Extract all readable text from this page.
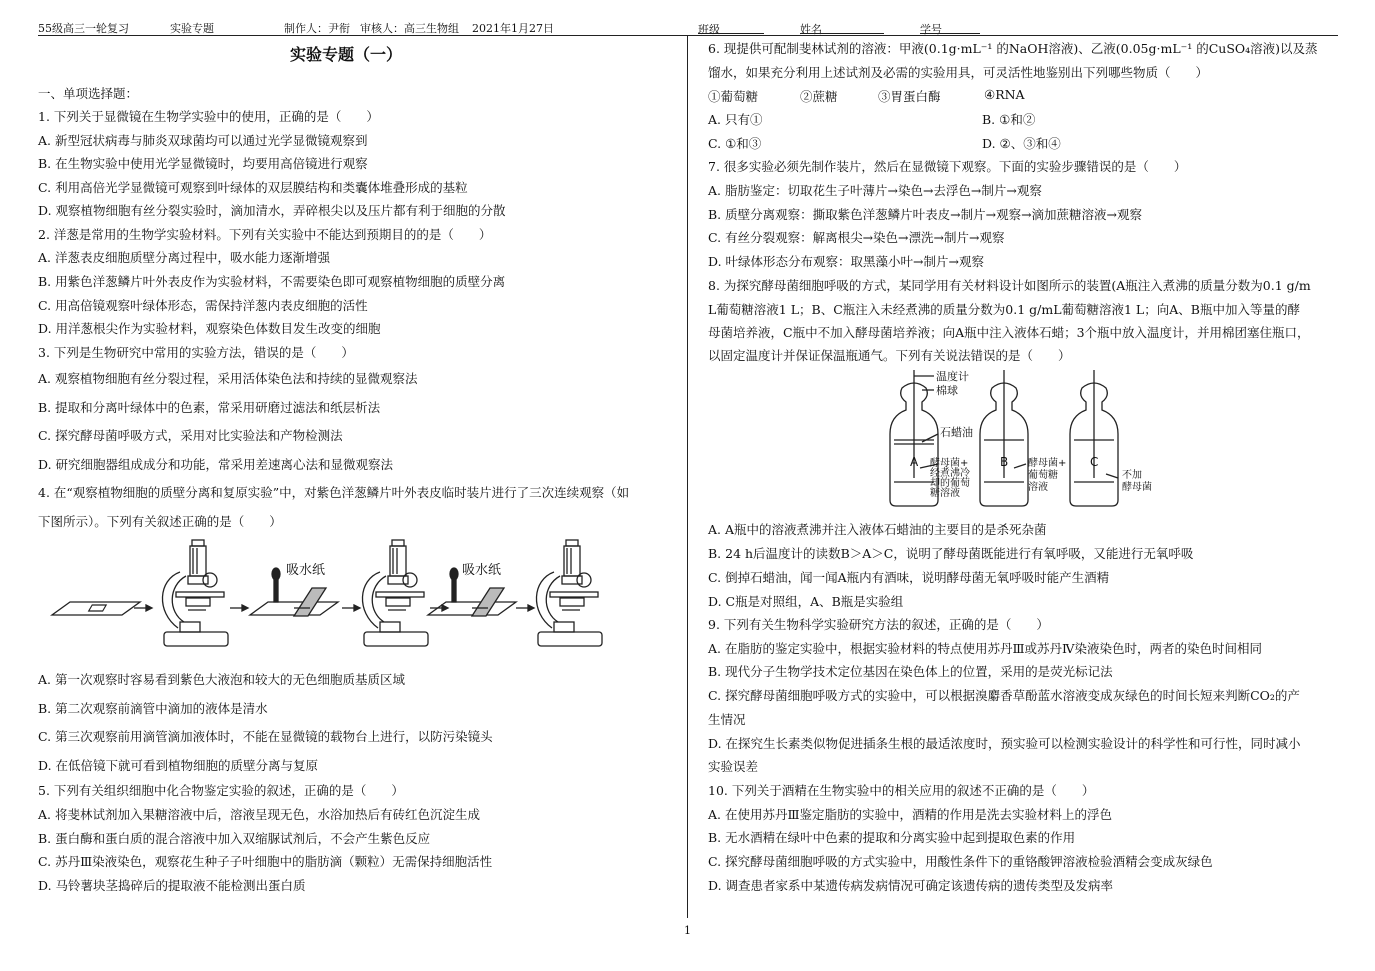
55级高三一轮复习	实验专题	制作人：尹衔 审核人：高三生物组 2021年1月27日	班级	姓名	学号

实验专题（一）

一、单项选择题：

1. 下列关于显微镜在生物学实验中的使用，正确的是（　　）

A. 新型冠状病毒与肺炎双球菌均可以通过光学显微镜观察到

B. 在生物实验中使用光学显微镜时，均要用高倍镜进行观察

C. 利用高倍光学显微镜可观察到叶绿体的双层膜结构和类囊体堆叠形成的基粒

D. 观察植物细胞有丝分裂实验时，滴加清水，弄碎根尖以及压片都有利于细胞的分散

2. 洋葱是常用的生物学实验材料。下列有关实验中不能达到预期目的的是（　　）

A. 洋葱表皮细胞质壁分离过程中，吸水能力逐渐增强

B. 用紫色洋葱鳞片叶外表皮作为实验材料，不需要染色即可观察植物细胞的质壁分离

C. 用高倍镜观察叶绿体形态，需保持洋葱内表皮细胞的活性

D. 用洋葱根尖作为实验材料，观察染色体数目发生改变的细胞

3. 下列是生物研究中常用的实验方法，错误的是（　　）

A. 观察植物细胞有丝分裂过程，采用活体染色法和持续的显微观察法

B. 提取和分离叶绿体中的色素，常采用研磨过滤法和纸层析法

C. 探究酵母菌呼吸方式，采用对比实验法和产物检测法

D. 研究细胞器组成成分和功能，常采用差速离心法和显微观察法

4. 在“观察植物细胞的质壁分离和复原实验”中，对紫色洋葱鳞片叶外表皮临时装片进行了三次连续观察（如

下图所示）。下列有关叙述正确的是（　　）

吸水纸	吸水纸

A. 第一次观察时容易看到紫色大液泡和较大的无色细胞质基质区域

B. 第二次观察前滴管中滴加的液体是清水

C. 第三次观察前用滴管滴加液体时，不能在显微镜的载物台上进行，以防污染镜头

D. 在低倍镜下就可看到植物细胞的质壁分离与复原

5. 下列有关组织细胞中化合物鉴定实验的叙述，正确的是（　　）

A. 将斐林试剂加入果糖溶液中后，溶液呈现无色，水浴加热后有砖红色沉淀生成

B. 蛋白酶和蛋白质的混合溶液中加入双缩脲试剂后，不会产生紫色反应

C. 苏丹Ⅲ染液染色，观察花生种子子叶细胞中的脂肪滴（颗粒）无需保持细胞活性

D. 马铃薯块茎捣碎后的提取液不能检测出蛋白质

6. 现提供可配制斐林试剂的溶液：甲液(0.1g·mL⁻¹ 的NaOH溶液)、乙液(0.05g·mL⁻¹ 的CuSO₄溶液)以及蒸

馏水，如果充分利用上述试剂及必需的实验用具，可灵活性地鉴别出下列哪些物质（　　）

①葡萄糖	②蔗糖	③胃蛋白酶	④RNA
A. 只有①	B. ①和②
C. ①和③	D. ②、③和④

7. 很多实验必须先制作装片，然后在显微镜下观察。下面的实验步骤错误的是（　　）

A. 脂肪鉴定：切取花生子叶薄片→染色→去浮色→制片→观察

B. 质壁分离观察：撕取紫色洋葱鳞片叶表皮→制片→观察→滴加蔗糖溶液→观察

C. 有丝分裂观察：解离根尖→染色→漂洗→制片→观察

D. 叶绿体形态分布观察：取黑藻小叶→制片→观察

8. 为探究酵母菌细胞呼吸的方式，某同学用有关材料设计如图所示的装置(A瓶注入煮沸的质量分数为0.1 g/m

L葡萄糖溶液1 L；B、C瓶注入未经煮沸的质量分数为0.1 g/mL葡萄糖溶液1 L；向A、B瓶中加入等量的酵

母菌培养液，C瓶中不加入酵母菌培养液；向A瓶中注入液体石蜡；3个瓶中放入温度计，并用棉团塞住瓶口，

以固定温度计并保证保温瓶通气。下列有关说法错误的是（　　）

温度计
棉球
石蜡油
A	B	C
酵母菌+
经煮沸冷
却的葡萄
糖溶液
酵母菌+
葡萄糖
溶液
不加
酵母菌

A. A瓶中的溶液煮沸并注入液体石蜡油的主要目的是杀死杂菌

B. 24 h后温度计的读数B＞A＞C，说明了酵母菌既能进行有氧呼吸，又能进行无氧呼吸

C. 倒掉石蜡油，闻一闻A瓶内有酒味，说明酵母菌无氧呼吸时能产生酒精

D. C瓶是对照组，A、B瓶是实验组

9. 下列有关生物科学实验研究方法的叙述，正确的是（　　）

A. 在脂肪的鉴定实验中，根据实验材料的特点使用苏丹Ⅲ或苏丹Ⅳ染液染色时，两者的染色时间相同

B. 现代分子生物学技术定位基因在染色体上的位置，采用的是荧光标记法

C. 探究酵母菌细胞呼吸方式的实验中，可以根据溴麝香草酚蓝水溶液变成灰绿色的时间长短来判断CO₂的产

生情况

D. 在探究生长素类似物促进插条生根的最适浓度时，预实验可以检测实验设计的科学性和可行性，同时减小

实验误差

10. 下列关于酒精在生物实验中的相关应用的叙述不正确的是（　　）

A. 在使用苏丹Ⅲ鉴定脂肪的实验中，酒精的作用是洗去实验材料上的浮色

B. 无水酒精在绿叶中色素的提取和分离实验中起到提取色素的作用

C. 探究酵母菌细胞呼吸的方式实验中，用酸性条件下的重铬酸钾溶液检验酒精会变成灰绿色

D. 调查患者家系中某遗传病发病情况可确定该遗传病的遗传类型及发病率

1
